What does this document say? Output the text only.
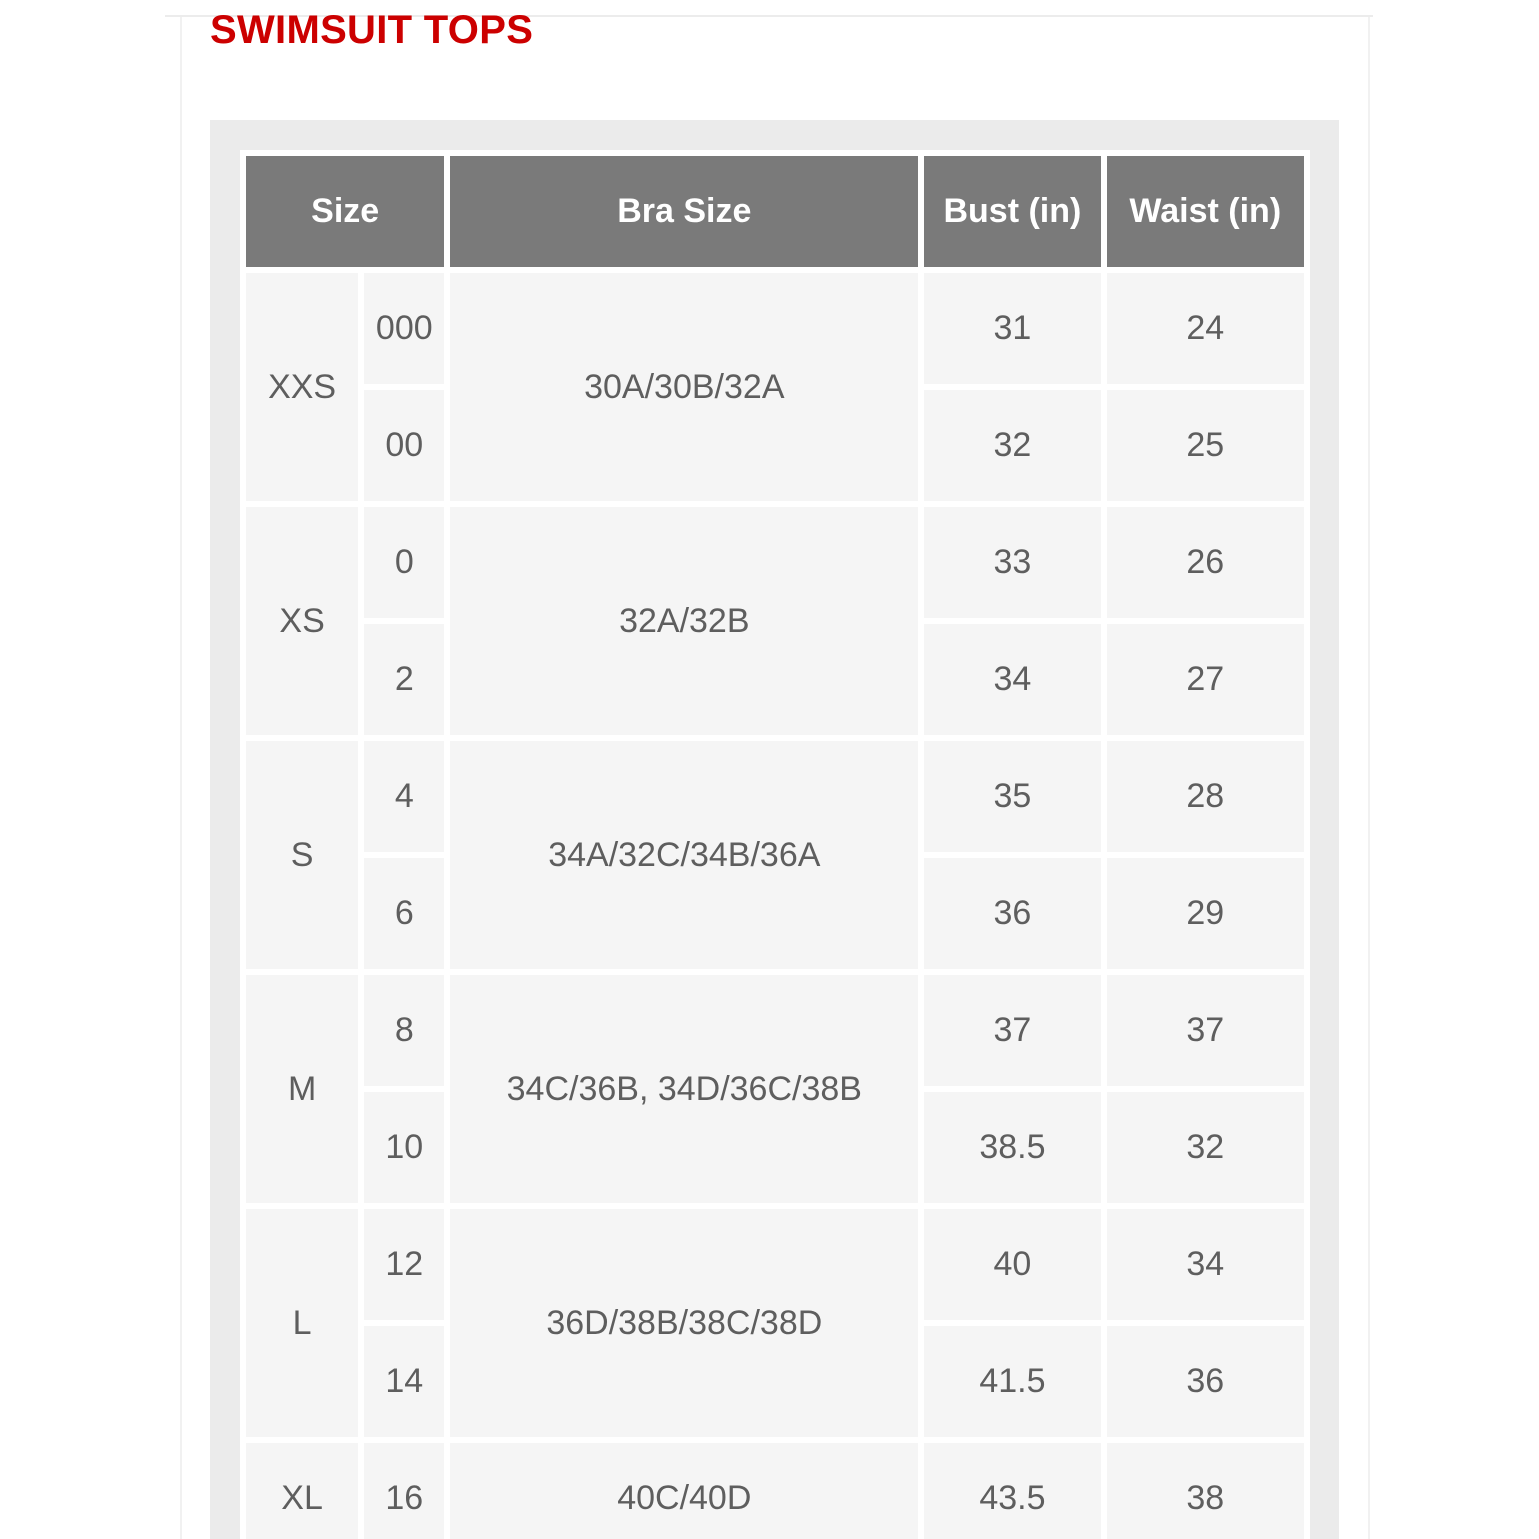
SWIMSUIT TOPS
Size		Bra Size	Bust (in)	Waist (in)
XXS	000	30A/30B/32A	31	24
	00		32	25
XS	0	32A/32B	33	26
	2		34	27
S	4	34A/32C/34B/36A	35	28
	6		36	29
M	8	34C/36B, 34D/36C/38B	37	37
	10		38.5	32
L	12	36D/38B/38C/38D	40	34
	14		41.5	36
XL	16	40C/40D	43.5	38
